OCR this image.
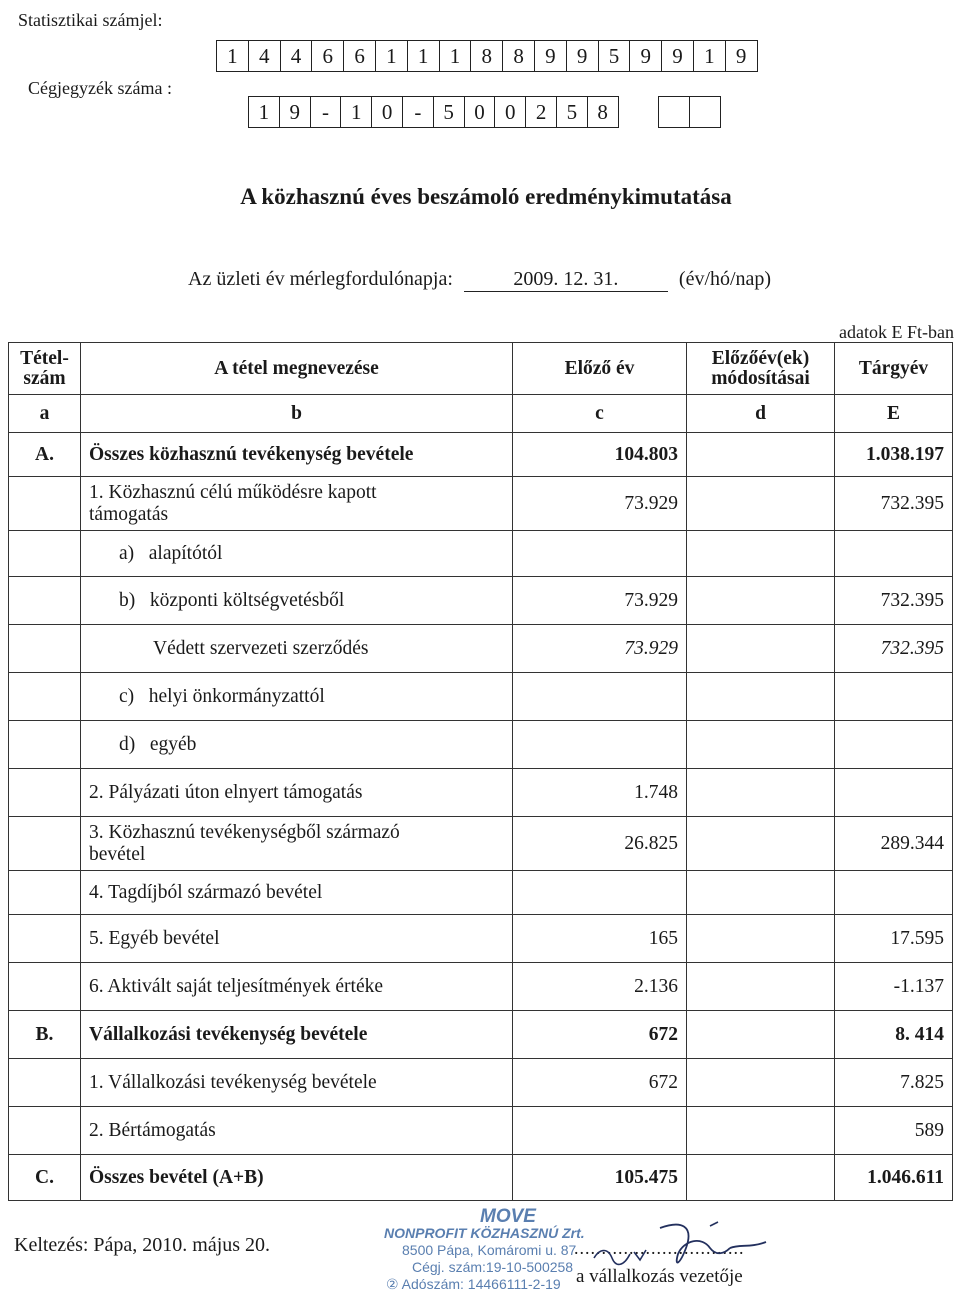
Statisztikai számjel:
1	4	4	6	6	1	1	1	8	8	9	9	5	9	9	1	9
Cégjegyzék száma :
1 9	-	1 0	-	5 0 0 2 5 8
A közhasznú éves beszámoló eredménykimutatása
Az üzleti év mérlegfordulónapja:	2009. 12. 31.	(év/hó/nap)
adatok E Ft-ban
Tétel-szám	A tétel megnevezése	Előző év	Előzőév(ek) módosításai	Tárgyév
a	b	c	d	E
A.	Összes közhasznú tevékenység bevétele	104.803		1.038.197

	1. Közhasznú célú működésre kapott támogatás	73.929		732.395
	a)   alapítótól			
	b)   központi költségvetésből	73.929		732.395
	Védett szervezeti szerződés	73.929		732.395
	c)   helyi önkormányzattól			
	d)   egyéb			
	2. Pályázati úton elnyert támogatás	1.748		

	3. Közhasznú tevékenységből származó bevétel	26.825		289.344
	4. Tagdíjból származó bevétel			
	5. Egyéb bevétel	165		17.595
	6. Aktivált saját teljesítmények értéke	2.136		-1.137
B.	Vállalkozási tevékenység bevétele	672		8. 414
	1. Vállalkozási tevékenység bevétele	672		7.825
	2. Bértámogatás			589
C.	Összes bevétel (A+B)	105.475		1.046.611
Keltezés: Pápa, 2010. május 20.
MOVE
NONPROFIT KÖZHASZNÚ Zrt.
8500 Pápa, Komáromi u. 87
Cégj. szám:19-10-500258
② Adószám: 14466111-2-19
...............................
a vállalkozás vezetője
